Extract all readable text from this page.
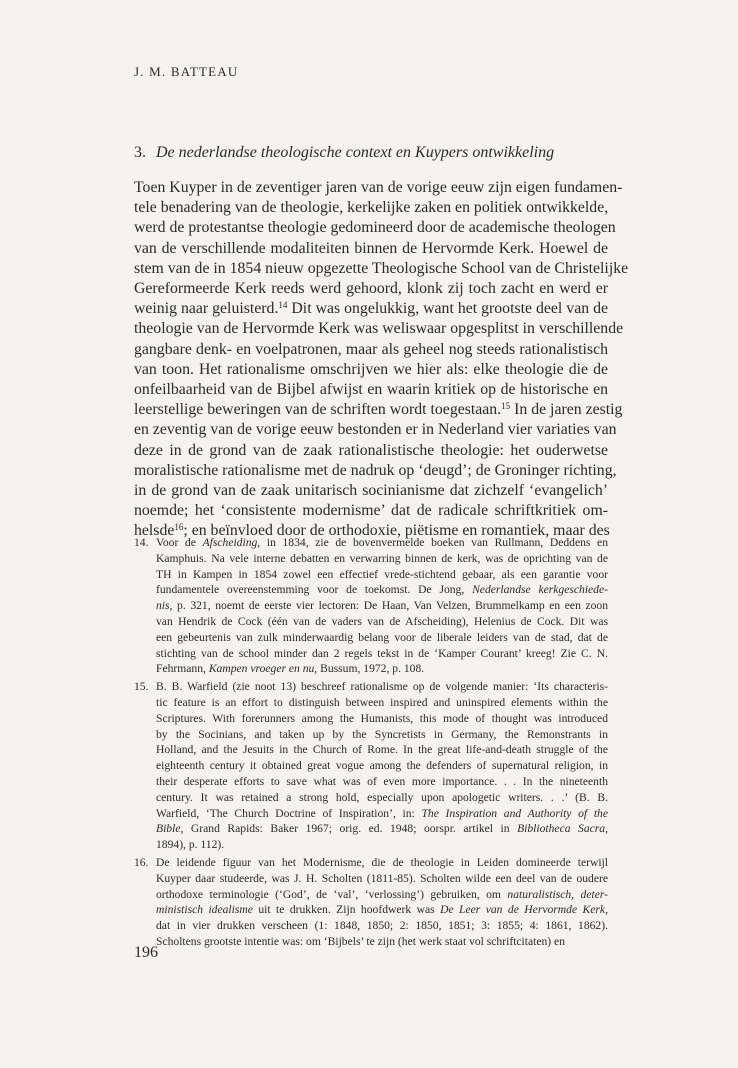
J. M. BATTEAU
3. De nederlandse theologische context en Kuypers ontwikkeling
Toen Kuyper in de zeventiger jaren van de vorige eeuw zijn eigen fundamen-
tele benadering van de theologie, kerkelijke zaken en politiek ontwikkelde,
werd de protestantse theologie gedomineerd door de academische theologen
van de verschillende modaliteiten binnen de Hervormde Kerk. Hoewel de
stem van de in 1854 nieuw opgezette Theologische School van de Christelijke
Gereformeerde Kerk reeds werd gehoord, klonk zij toch zacht en werd er
weinig naar geluisterd.$^{14}$ Dit was ongelukkig, want het grootste deel van de
theologie van de Hervormde Kerk was weliswaar opgesplitst in verschillende
gangbare denk- en voelpatronen, maar als geheel nog steeds rationalistisch
van toon. Het rationalisme omschrijven we hier als: elke theologie die de
onfeilbaarheid van de Bijbel afwijst en waarin kritiek op de historische en
leerstellige beweringen van de schriften wordt toegestaan.$^{15}$ In de jaren zestig
en zeventig van de vorige eeuw bestonden er in Nederland vier variaties van
deze in de grond van de zaak rationalistische theologie: het ouderwetse
moralistische rationalisme met de nadruk op ‘deugd’; de Groninger richting,
in de grond van de zaak unitarisch socinianisme dat zichzelf ‘evangelich’
noemde; het ‘consistente modernisme’ dat de radicale schriftkritiek om-
helsde$^{16}$; en beïnvloed door de orthodoxie, piëtisme en romantiek, maar des
14. Voor de Afscheiding, in 1834, zie de bovenvermelde boeken van Rullmann, Deddens en
Kamphuis. Na vele interne debatten en verwarring binnen de kerk, was de oprichting van de
TH in Kampen in 1854 zowel een effectief vrede-stichtend gebaar, als een garantie voor
fundamentele overeenstemming voor de toekomst. De Jong, Nederlandse kerkgeschiede-
nis, p. 321, noemt de eerste vier lectoren: De Haan, Van Velzen, Brummelkamp en een zoon
van Hendrik de Cock (één van de vaders van de Afscheiding), Helenius de Cock. Dit was
een gebeurtenis van zulk minderwaardig belang voor de liberale leiders van de stad, dat de
stichting van de school minder dan 2 regels tekst in de ‘Kamper Courant’ kreeg! Zie C. N.
Fehrmann, Kampen vroeger en nu, Bussum, 1972, p. 108.
15. B. B. Warfield (zie noot 13) beschreef rationalisme op de volgende manier: ‘Its characteris-
tic feature is an effort to distinguish between inspired and uninspired elements within the
Scriptures. With forerunners among the Humanists, this mode of thought was introduced
by the Socinians, and taken up by the Syncretists in Germany, the Remonstrants in
Holland, and the Jesuits in the Church of Rome. In the great life-and-death struggle of the
eighteenth century it obtained great vogue among the defenders of supernatural religion, in
their desperate efforts to save what was of even more importance. . . In the nineteenth
century. It was retained a strong hold, especially upon apologetic writers. . .’ (B. B.
Warfield, ‘The Church Doctrine of Inspiration’, in: The Inspiration and Authority of the
Bible, Grand Rapids: Baker 1967; orig. ed. 1948; oorspr. artikel in Bibliotheca Sacra,
1894), p. 112).
16. De leidende figuur van het Modernisme, die de theologie in Leiden domineerde terwijl
Kuyper daar studeerde, was J. H. Scholten (1811-85). Scholten wilde een deel van de oudere
orthodoxe terminologie (‘God’, de ‘val’, ‘verlossing’) gebruiken, om naturalistisch, deter-
ministisch idealisme uit te drukken. Zijn hoofdwerk was De Leer van de Hervormde Kerk,
dat in vier drukken verscheen (1: 1848, 1850; 2: 1850, 1851; 3: 1855; 4: 1861, 1862).
Scholtens grootste intentie was: om ‘Bijbels’ te zijn (het werk staat vol schriftcitaten) en
196
